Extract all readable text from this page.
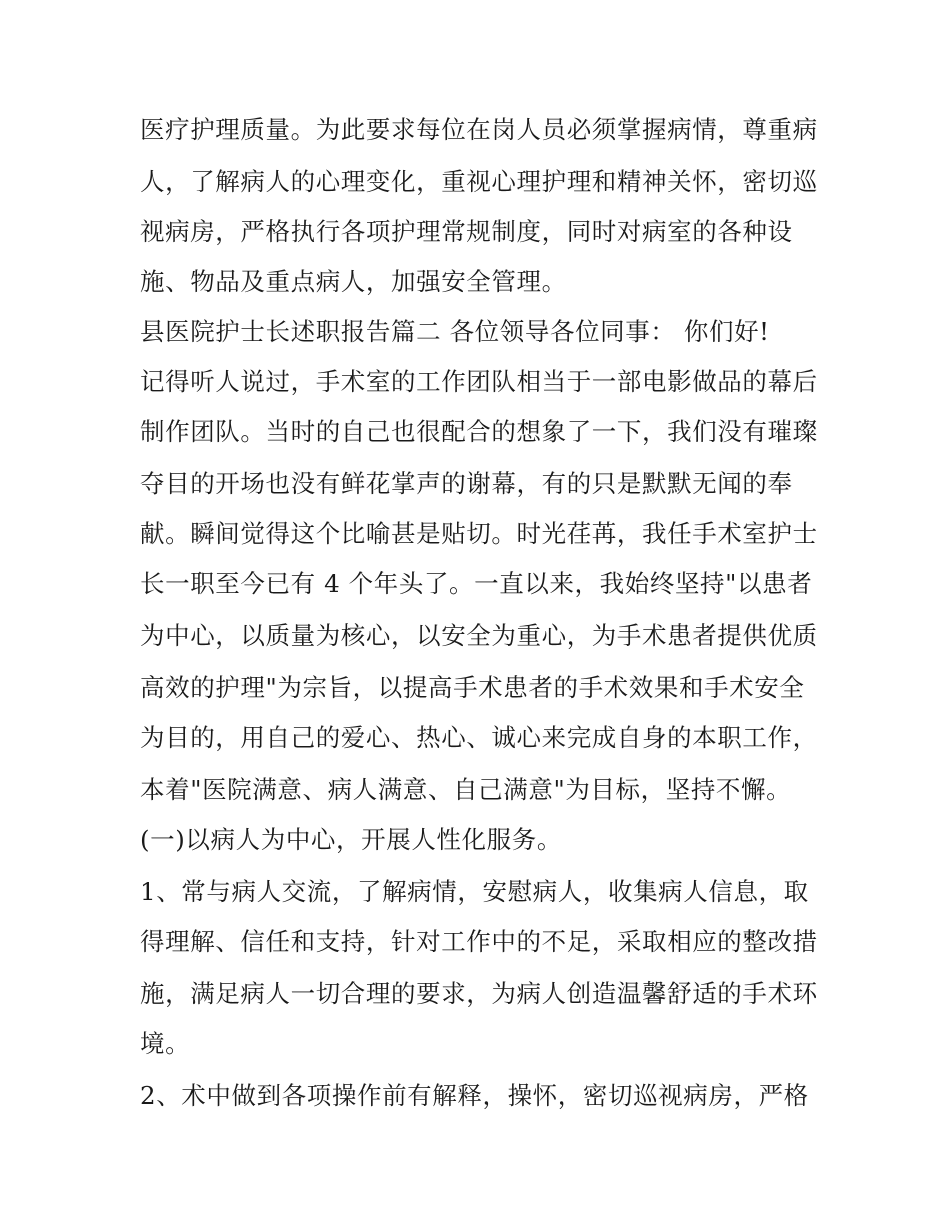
医疗护理质量。为此要求每位在岗人员必须掌握病情，尊重病
人，了解病人的心理变化，重视心理护理和精神关怀，密切巡
视病房，严格执行各项护理常规制度，同时对病室的各种设
施、物品及重点病人，加强安全管理。
县医院护士长述职报告篇二 各位领导各位同事： 你们好!
记得听人说过，手术室的工作团队相当于一部电影做品的幕后
制作团队。当时的自己也很配合的想象了一下，我们没有璀璨
夺目的开场也没有鲜花掌声的谢幕，有的只是默默无闻的奉
献。瞬间觉得这个比喻甚是贴切。时光荏苒，我任手术室护士
长一职至今已有 4 个年头了。一直以来，我始终坚持"以患者
为中心，以质量为核心，以安全为重心，为手术患者提供优质
高效的护理"为宗旨，以提高手术患者的手术效果和手术安全
为目的，用自己的爱心、热心、诚心来完成自身的本职工作，
本着"医院满意、病人满意、自己满意"为目标，坚持不懈。
(一)以病人为中心，开展人性化服务。
1、常与病人交流，了解病情，安慰病人，收集病人信息，取
得理解、信任和支持，针对工作中的不足，采取相应的整改措
施，满足病人一切合理的要求，为病人创造温馨舒适的手术环
境。
2、术中做到各项操作前有解释，操怀，密切巡视病房，严格
